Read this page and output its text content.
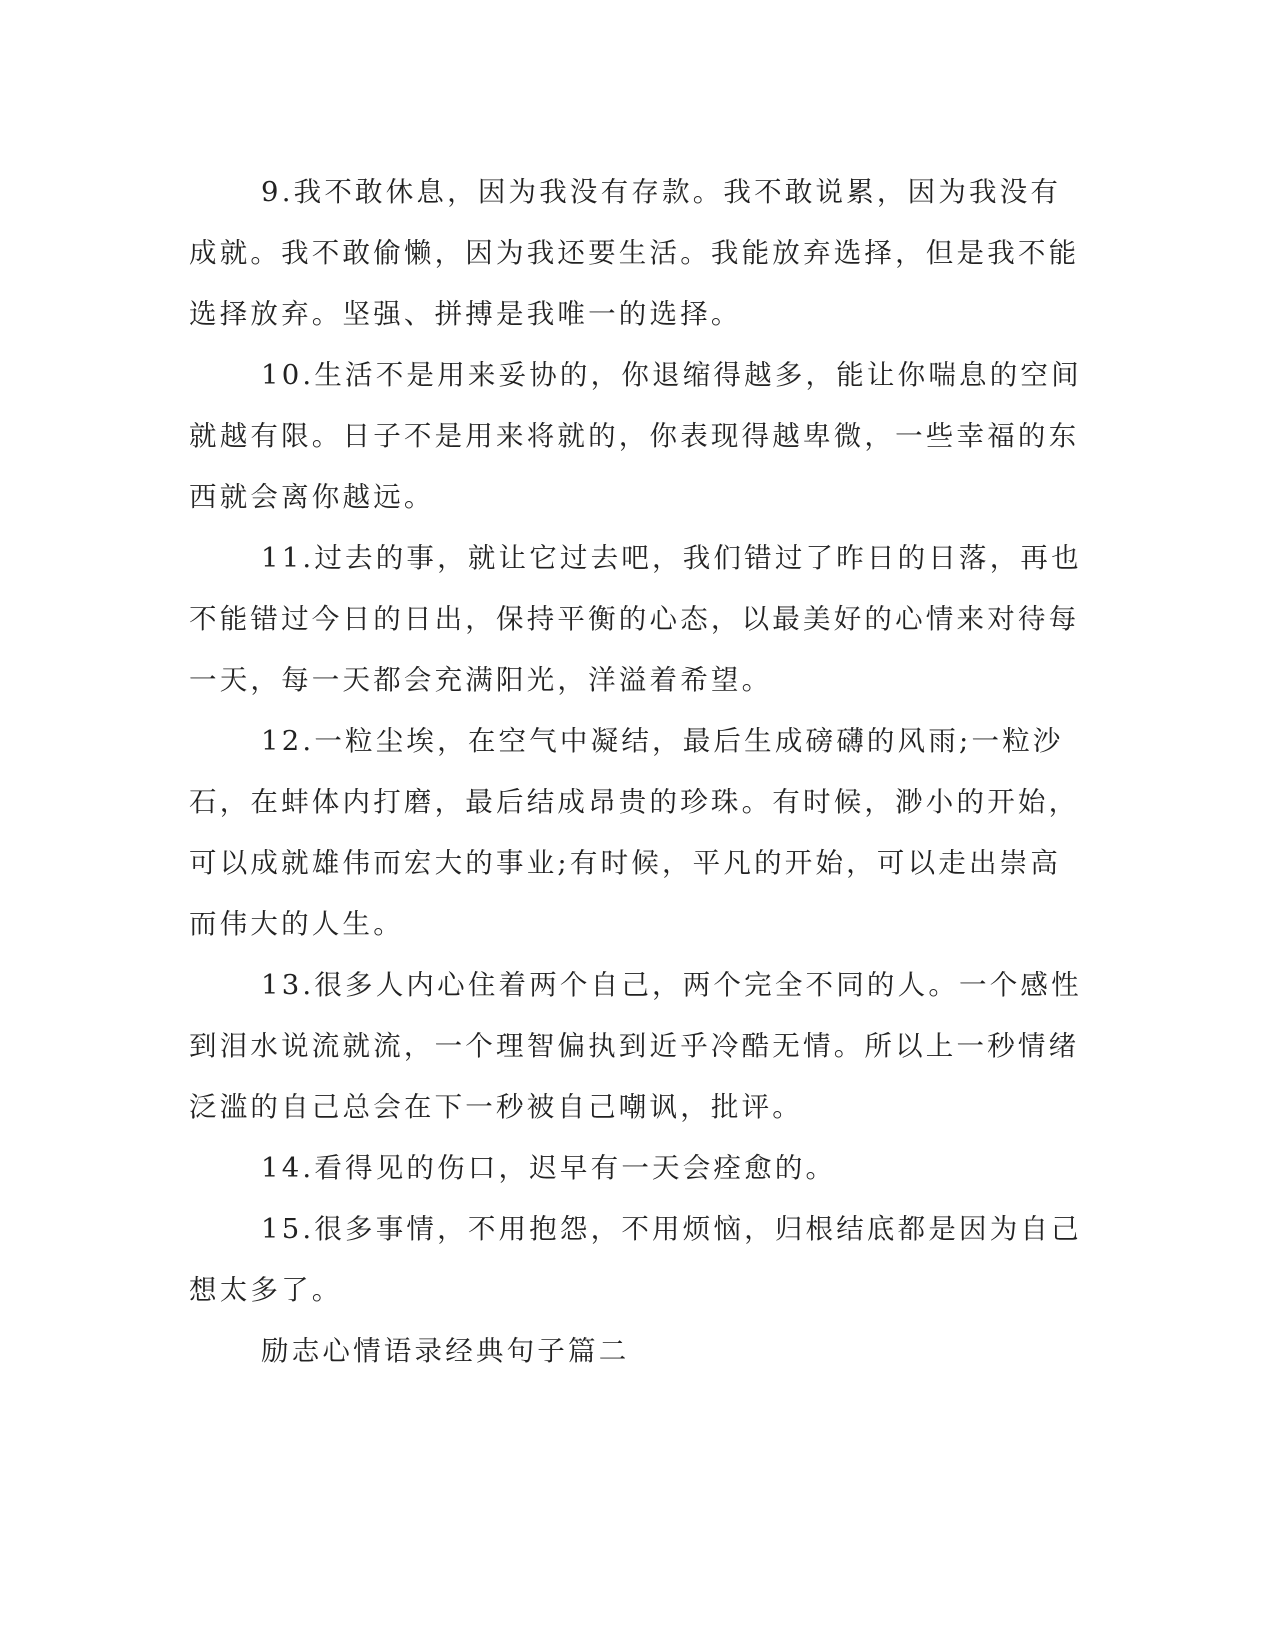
9.我不敢休息，因为我没有存款。我不敢说累，因为我没有成就。我不敢偷懒，因为我还要生活。我能放弃选择，但是我不能选择放弃。坚强、拼搏是我唯一的选择。

10.生活不是用来妥协的，你退缩得越多，能让你喘息的空间就越有限。日子不是用来将就的，你表现得越卑微，一些幸福的东西就会离你越远。

11.过去的事，就让它过去吧，我们错过了昨日的日落，再也不能错过今日的日出，保持平衡的心态，以最美好的心情来对待每一天，每一天都会充满阳光，洋溢着希望。

12.一粒尘埃，在空气中凝结，最后生成磅礴的风雨;一粒沙石，在蚌体内打磨，最后结成昂贵的珍珠。有时候，渺小的开始，可以成就雄伟而宏大的事业;有时候，平凡的开始，可以走出崇高而伟大的人生。

13.很多人内心住着两个自己，两个完全不同的人。一个感性到泪水说流就流，一个理智偏执到近乎冷酷无情。所以上一秒情绪泛滥的自己总会在下一秒被自己嘲讽，批评。

14.看得见的伤口，迟早有一天会痊愈的。

15.很多事情，不用抱怨，不用烦恼，归根结底都是因为自己想太多了。

励志心情语录经典句子篇二
